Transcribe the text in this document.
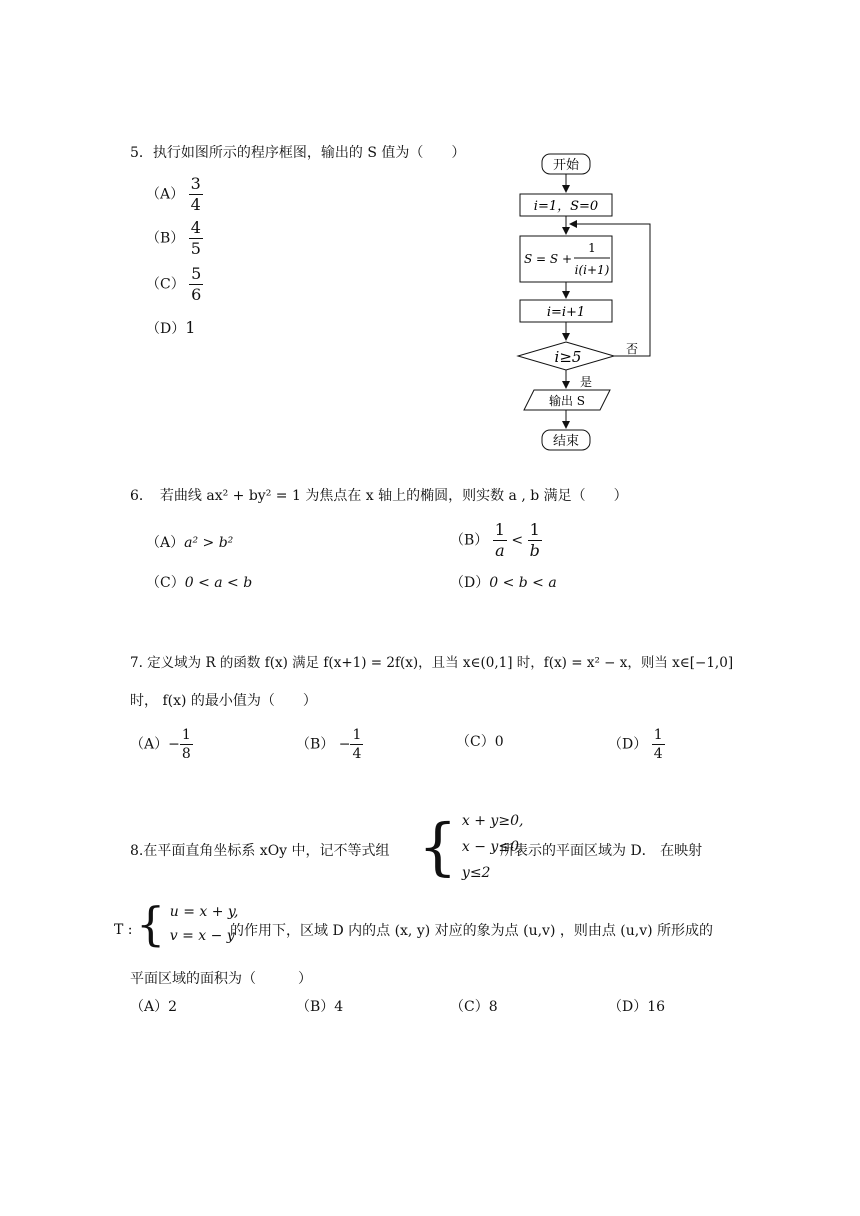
5．执行如图所示的程序框图，输出的 S 值为（　　）
$(A) \frac{3}{4}$
$(B) \frac{4}{5}$
$(C) \frac{5}{6}$
（D）1
开始
i=1，S=0
S = S +
1
i(i+1)
i=i+1
i≥5	否
是
输出 S
结束
6．　若曲线 ax² + by² = 1 为焦点在 x 轴上的椭圆，则实数 a , b 满足（　　）
（A）a² > b²	$(B) \frac{1}{a} < \frac{1}{b}$
（C）0 < a < b	（D）0 < b < a
7. 定义域为 R 的函数 f(x) 满足 f(x+1) = 2f(x)，且当 x∈(0,1] 时，f(x) = x² − x，则当 x∈[−1,0]
时， f(x) 的最小值为（　　）
$(A)- \frac{1}{8}$	$(B) - \frac{1}{4}$	（C）0	$(D) \frac{1}{4}$
8.在平面直角坐标系 xOy 中，记不等式组 { x + y≥0,
x − y≤0,
y≤2
所表示的平面区域为 D． 在映射
T : { u = x + y,
v = x − y
的作用下，区域 D 内的点 (x, y) 对应的象为点 (u,v) ，则由点 (u,v) 所形成的
平面区域的面积为（　　　）
（A）2	（B）4	（C）8	（D）16
